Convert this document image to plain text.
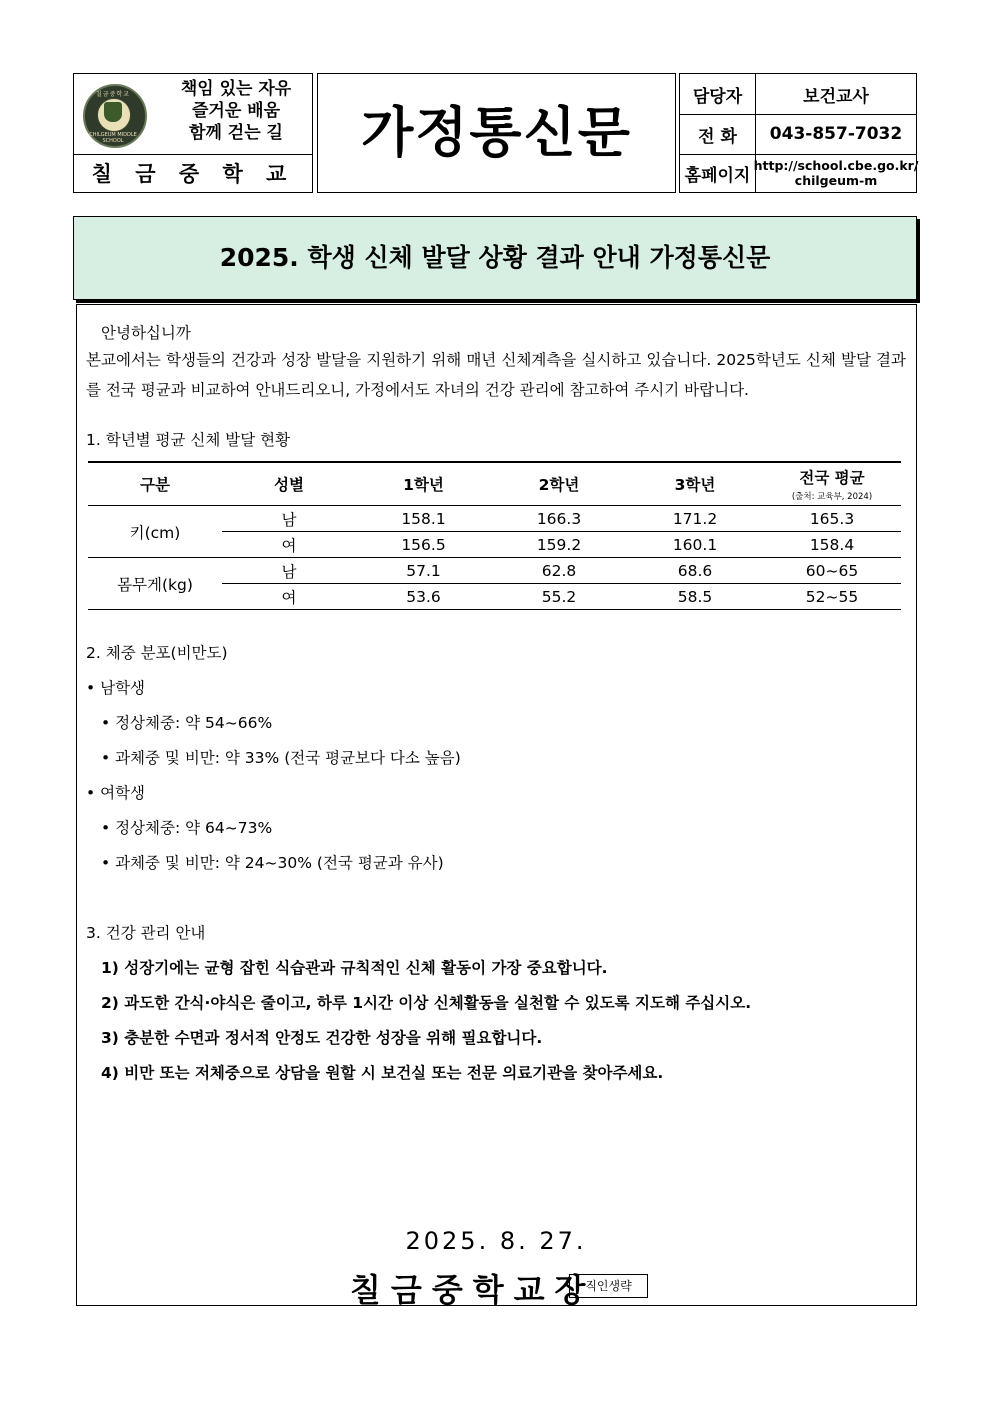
칠금중학교
CHILGEUM MIDDLE SCHOOL
책임 있는 자유
즐거운 배움
함께 걷는 길
칠 금 중 학 교
가정통신문
담당자	보건교사
전 화	043-857-7032
홈페이지 http://school.cbe.go.kr/ chilgeum-m
2025. 학생 신체 발달 상황 결과 안내 가정통신문
안녕하십니까
본교에서는 학생들의 건강과 성장 발달을 지원하기 위해 매년 신체계측을 실시하고 있습니다. 2025학년도 신체 발달 결과를 전국 평균과 비교하여 안내드리오니, 가정에서도 자녀의 건강 관리에 참고하여 주시기 바랍니다.
1. 학년별 평균 신체 발달 현황
구분	성별	1학년	2학년	3학년	전국 평균
(출처: 교육부, 2024)

키(cm)	남	158.1	166.3	171.2	165.3
	여	156.5	159.2	160.1	158.4
몸무게(kg)	남	57.1	62.8	68.6	60~65
	여	53.6	55.2	58.5	52~55
2. 체중 분포(비만도)
• 남학생
• 정상체중: 약 54~66%
• 과체중 및 비만: 약 33% (전국 평균보다 다소 높음)
• 여학생
• 정상체중: 약 64~73%
• 과체중 및 비만: 약 24~30% (전국 평균과 유사)
3. 건강 관리 안내
1) 성장기에는 균형 잡힌 식습관과 규칙적인 신체 활동이 가장 중요합니다.
2) 과도한 간식·야식은 줄이고, 하루 1시간 이상 신체활동을 실천할 수 있도록 지도해 주십시오.
3) 충분한 수면과 정서적 안정도 건강한 성장을 위해 필요합니다.
4) 비만 또는 저체중으로 상담을 원할 시 보건실 또는 전문 의료기관을 찾아주세요.
2025. 8. 27.
칠금중학교장
직인생략
